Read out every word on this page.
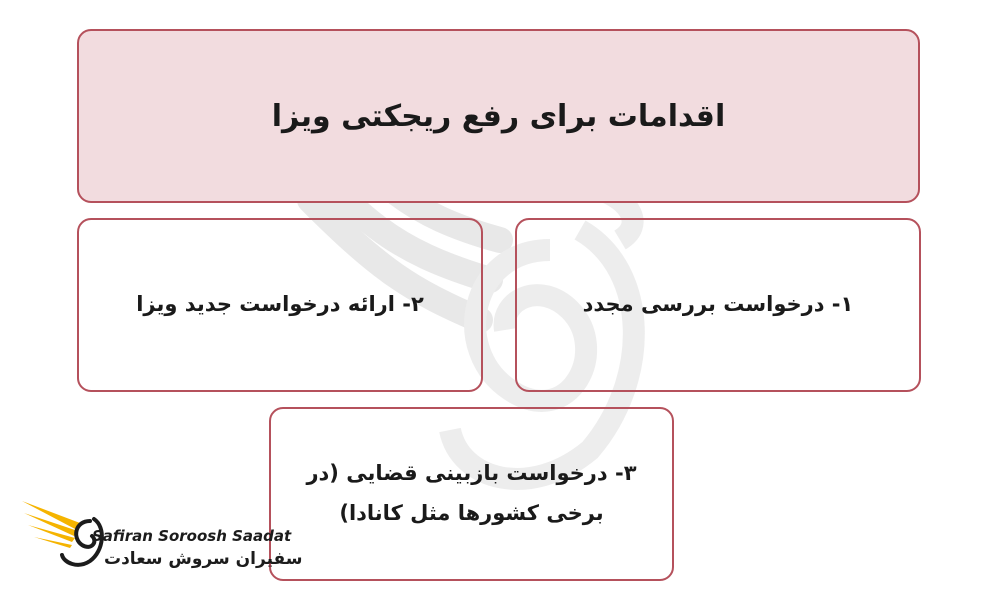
اقدامات برای رفع ریجکتی ویزا
۱- درخواست بررسی مجدد
۲- ارائه درخواست جدید ویزا
۳- درخواست بازبینی قضایی (در برخی کشورها مثل کانادا)
Safiran Soroosh Saadat
سفیران سروش سعادت
